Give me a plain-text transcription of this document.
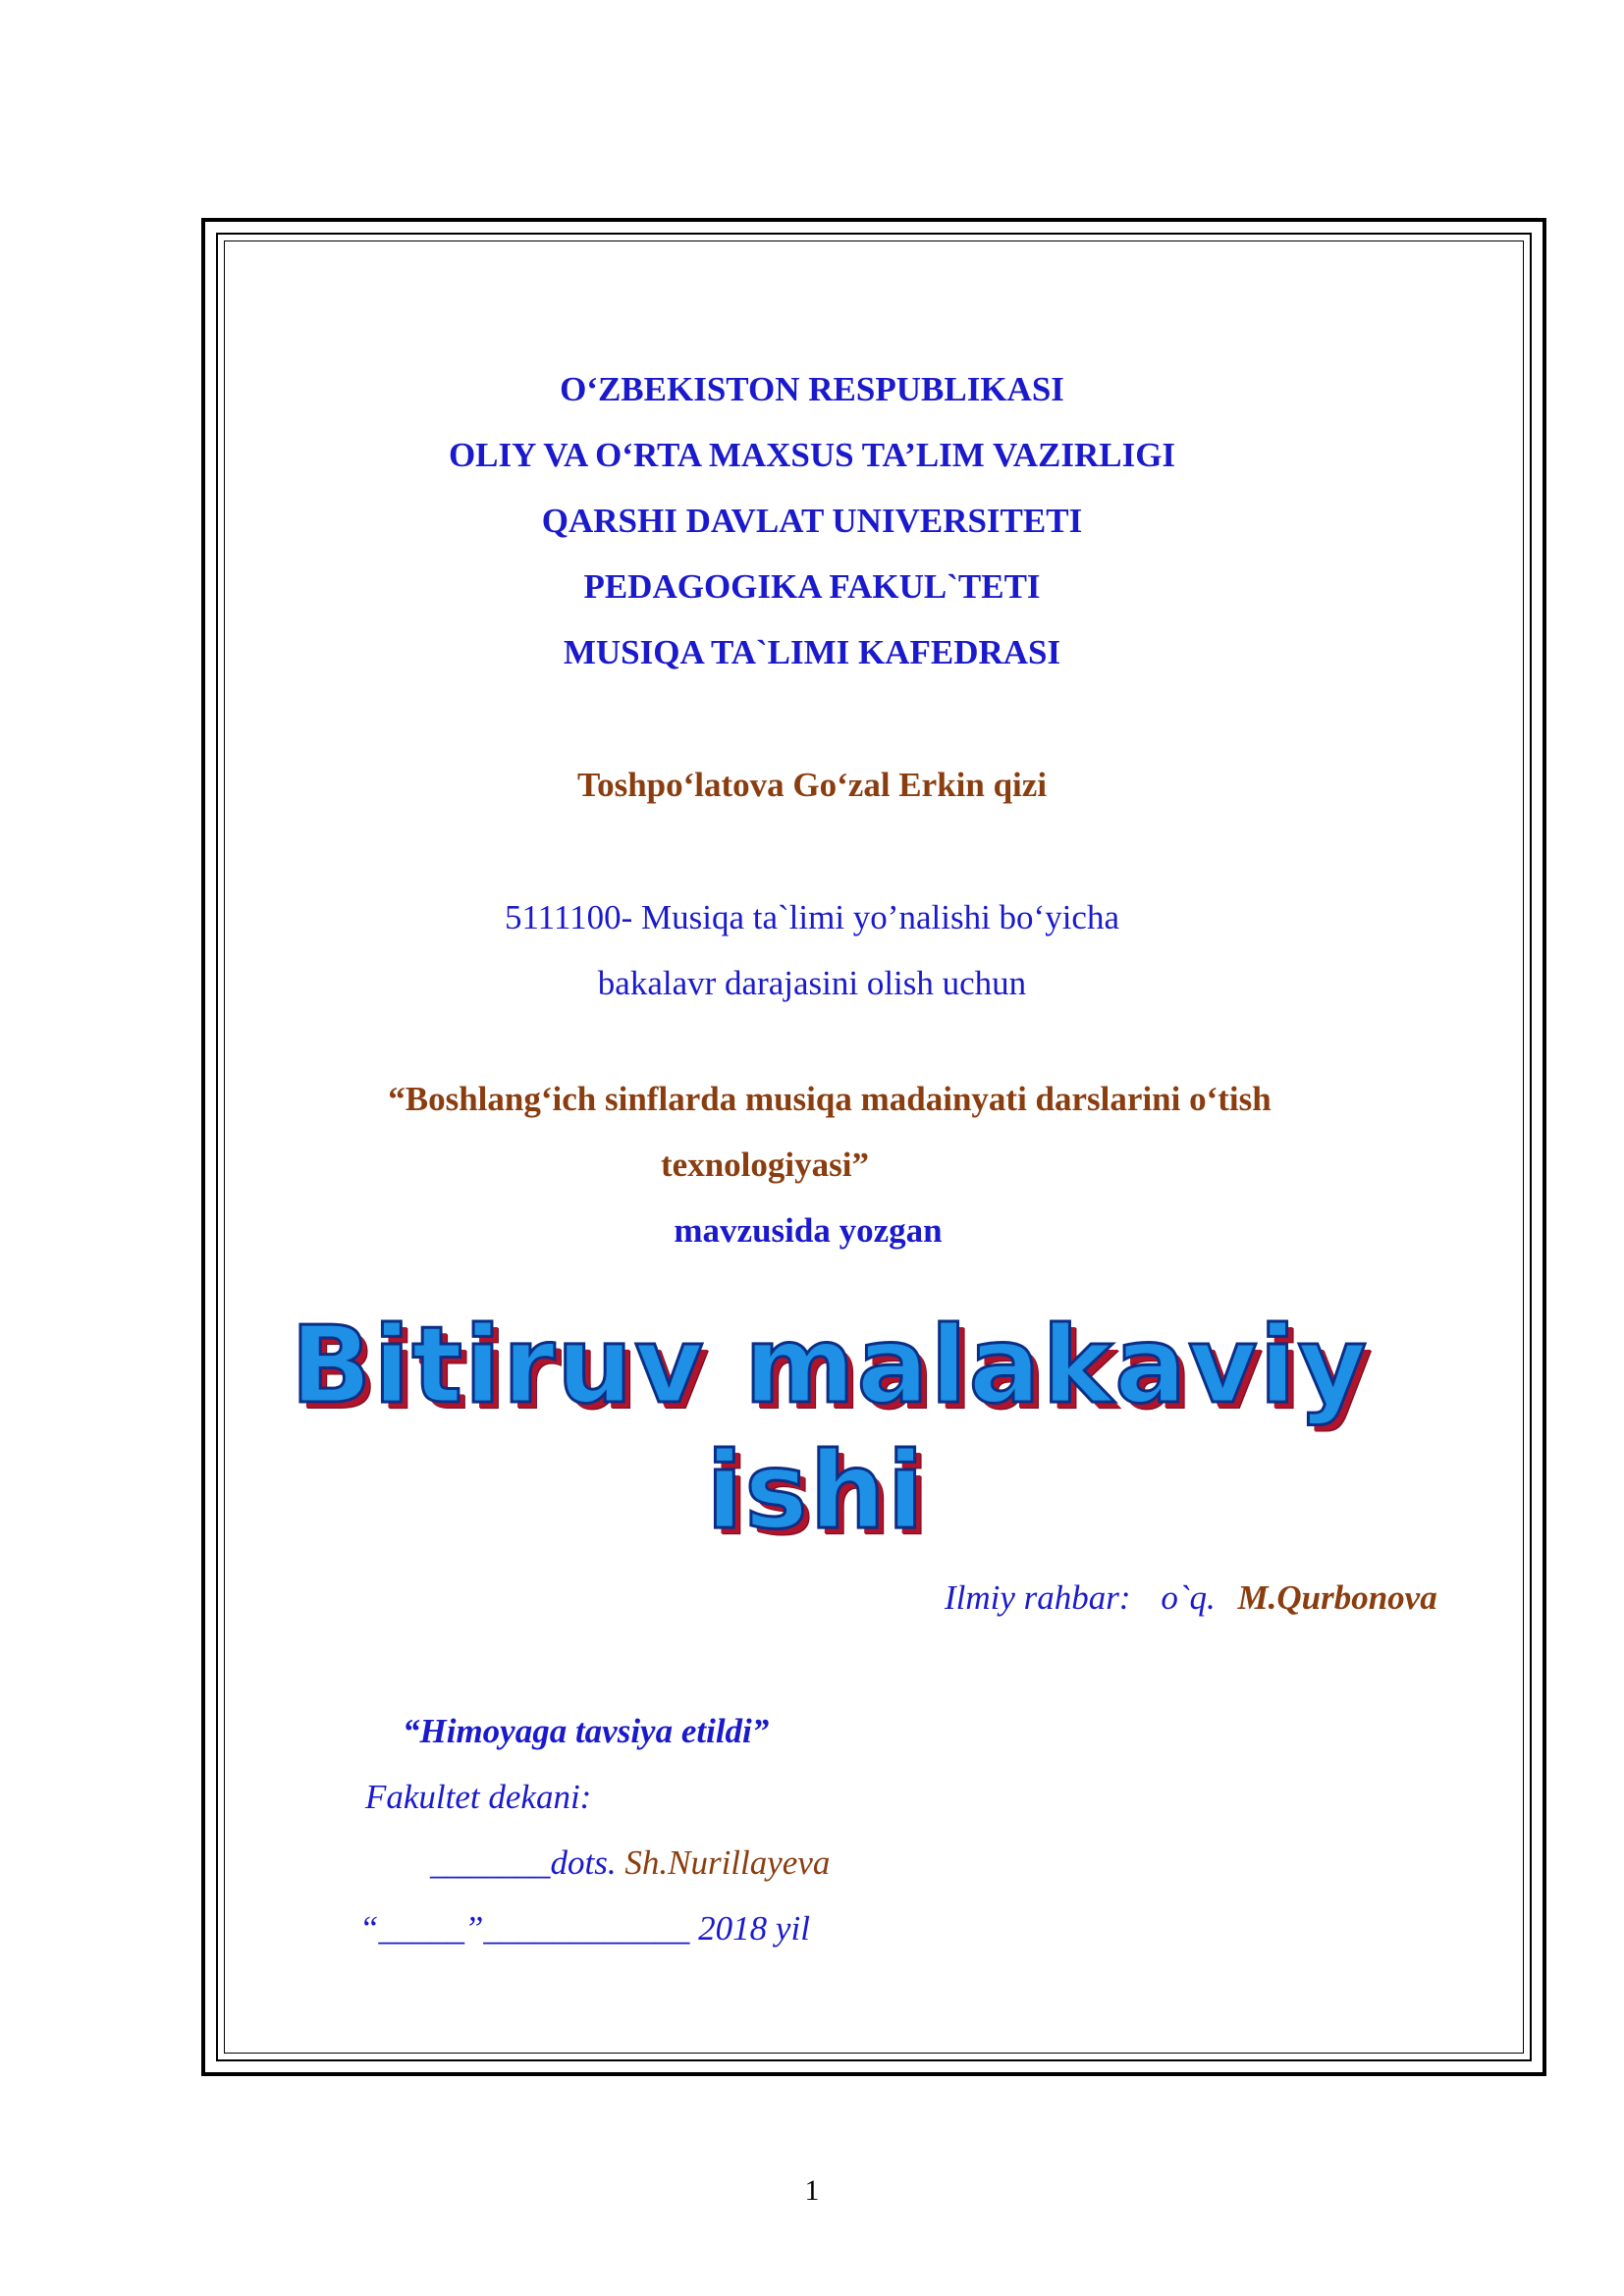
O‘ZBEKISTON RESPUBLIKASI
OLIY VA O‘RTA MAXSUS TA’LIM VAZIRLIGI
QARSHI DAVLAT UNIVERSITETI
PEDAGOGIKA FAKUL`TETI
MUSIQA TA`LIMI KAFEDRASI
Toshpo‘latova Go‘zal Erkin qizi
5111100- Musiqa ta`limi yo’nalishi bo‘yicha
bakalavr darajasini olish uchun
“Boshlang‘ich sinflarda musiqa madainyati darslarini o‘tish
texnologiyasi”
mavzusida yozgan
Bitiruv malakaviy
ishi
Ilmiy rahbar: o`q. M.Qurbonova
“Himoyaga tavsiya etildi”
Fakultet dekani:
_______dots. Sh.Nurillayeva
“_____”____________ 2018 yil
1
